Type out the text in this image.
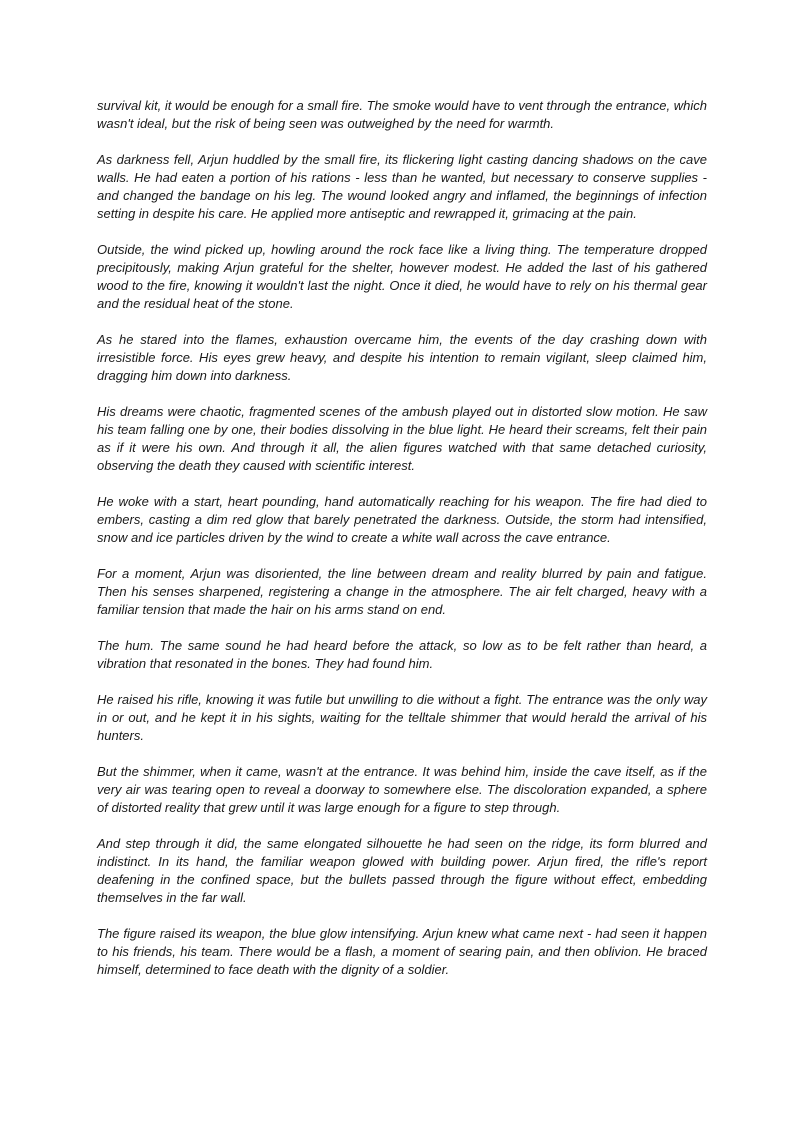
survival kit, it would be enough for a small fire. The smoke would have to vent through the entrance, which wasn't ideal, but the risk of being seen was outweighed by the need for warmth.

As darkness fell, Arjun huddled by the small fire, its flickering light casting dancing shadows on the cave walls. He had eaten a portion of his rations - less than he wanted, but necessary to conserve supplies - and changed the bandage on his leg. The wound looked angry and inflamed, the beginnings of infection setting in despite his care. He applied more antiseptic and rewrapped it, grimacing at the pain.

Outside, the wind picked up, howling around the rock face like a living thing. The temperature dropped precipitously, making Arjun grateful for the shelter, however modest. He added the last of his gathered wood to the fire, knowing it wouldn't last the night. Once it died, he would have to rely on his thermal gear and the residual heat of the stone.

As he stared into the flames, exhaustion overcame him, the events of the day crashing down with irresistible force. His eyes grew heavy, and despite his intention to remain vigilant, sleep claimed him, dragging him down into darkness.

His dreams were chaotic, fragmented scenes of the ambush played out in distorted slow motion. He saw his team falling one by one, their bodies dissolving in the blue light. He heard their screams, felt their pain as if it were his own. And through it all, the alien figures watched with that same detached curiosity, observing the death they caused with scientific interest.

He woke with a start, heart pounding, hand automatically reaching for his weapon. The fire had died to embers, casting a dim red glow that barely penetrated the darkness. Outside, the storm had intensified, snow and ice particles driven by the wind to create a white wall across the cave entrance.

For a moment, Arjun was disoriented, the line between dream and reality blurred by pain and fatigue. Then his senses sharpened, registering a change in the atmosphere. The air felt charged, heavy with a familiar tension that made the hair on his arms stand on end.

The hum. The same sound he had heard before the attack, so low as to be felt rather than heard, a vibration that resonated in the bones. They had found him.

He raised his rifle, knowing it was futile but unwilling to die without a fight. The entrance was the only way in or out, and he kept it in his sights, waiting for the telltale shimmer that would herald the arrival of his hunters.

But the shimmer, when it came, wasn't at the entrance. It was behind him, inside the cave itself, as if the very air was tearing open to reveal a doorway to somewhere else. The discoloration expanded, a sphere of distorted reality that grew until it was large enough for a figure to step through.

And step through it did, the same elongated silhouette he had seen on the ridge, its form blurred and indistinct. In its hand, the familiar weapon glowed with building power. Arjun fired, the rifle's report deafening in the confined space, but the bullets passed through the figure without effect, embedding themselves in the far wall.

The figure raised its weapon, the blue glow intensifying. Arjun knew what came next - had seen it happen to his friends, his team. There would be a flash, a moment of searing pain, and then oblivion. He braced himself, determined to face death with the dignity of a soldier.
